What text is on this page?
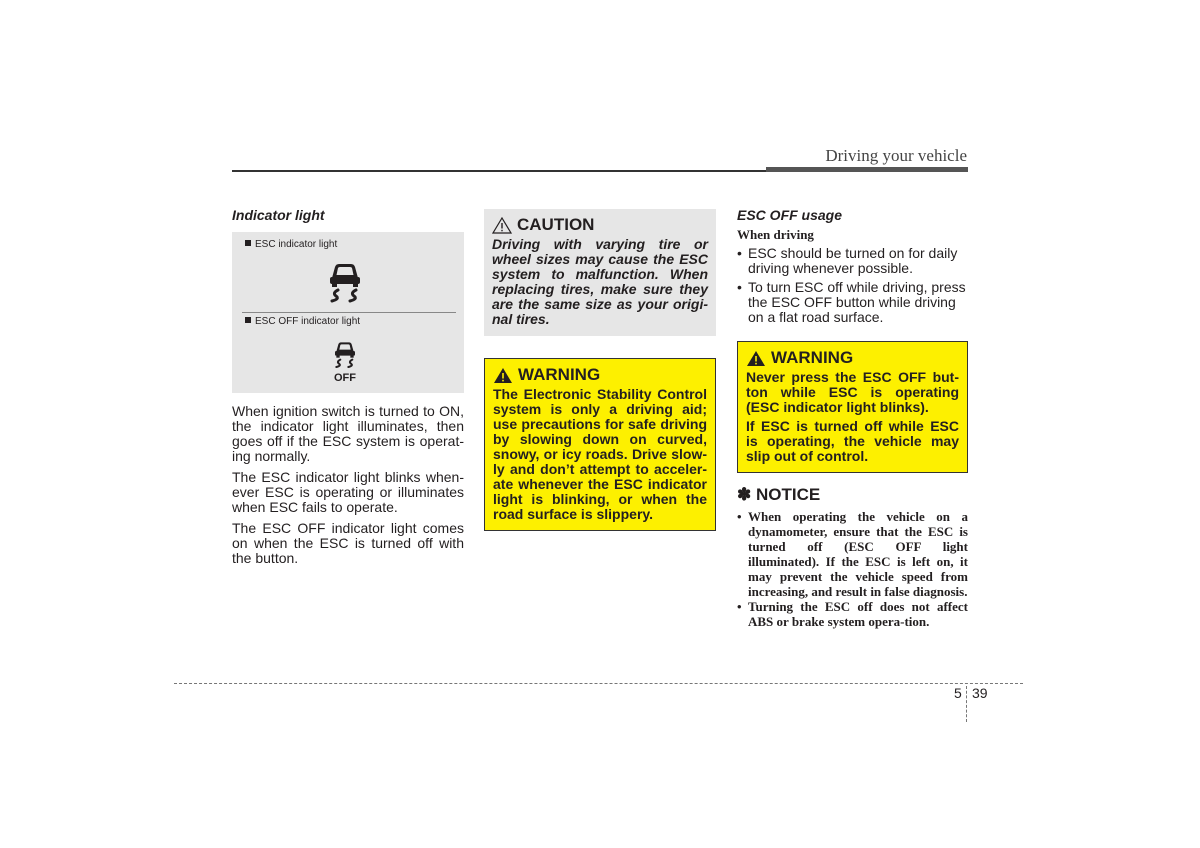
Driving your vehicle
Indicator light
ESC indicator light
ESC OFF indicator light
OFF

When ignition switch is turned to ON, the indicator light illuminates, then goes off if the ESC system is operat-ing normally.

The ESC indicator light blinks when-ever ESC is operating or illuminates when ESC fails to operate.

The ESC OFF indicator light comes on when the ESC is turned off with the button.

CAUTION
Driving with varying tire or wheel sizes may cause the ESC system to malfunction. When replacing tires, make sure they are the same size as your origi-nal tires.
WARNING

The Electronic Stability Control system is only a driving aid; use precautions for safe driving by slowing down on curved, snowy, or icy roads. Drive slow-ly and don’t attempt to acceler-ate whenever the ESC indicator light is blinking, or when the road surface is slippery.

ESC OFF usage
When driving
• ESC should be turned on for daily driving whenever possible.
• To turn ESC off while driving, press the ESC OFF button while driving on a flat road surface.
WARNING

Never press the ESC OFF but-ton while ESC is operating (ESC indicator light blinks).

If ESC is turned off while ESC is operating, the vehicle may slip out of control.

✽ NOTICE
• When operating the vehicle on a dynamometer, ensure that the ESC is turned off (ESC OFF light illuminated). If the ESC is left on, it may prevent the vehicle speed from increasing, and result in false diagnosis.
• Turning the ESC off does not affect ABS or brake system opera-tion.
5 39
